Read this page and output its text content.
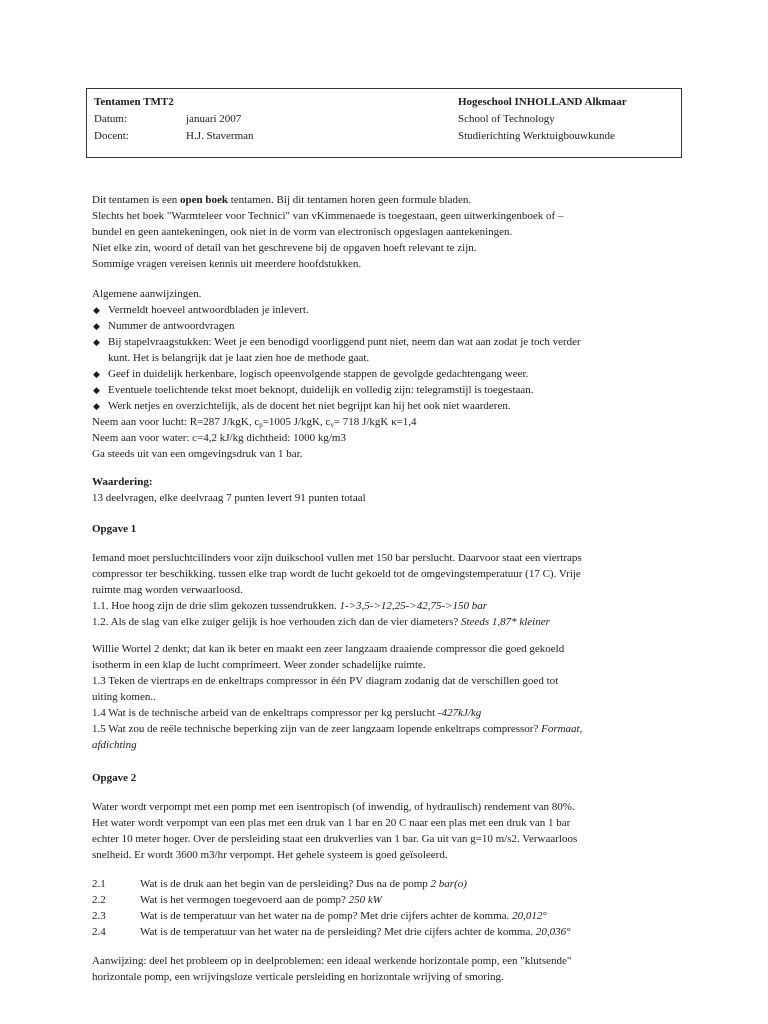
Tentamen TMT2
Datum:	januari 2007
Docent:	H.J. Staverman
Hogeschool INHOLLAND Alkmaar
School of Technology
Studierichting Werktuigbouwkunde
Dit tentamen is een open boek tentamen. Bij dit tentamen horen geen formule bladen.
Slechts het boek "Warmteleer voor Technici" van vKimmenaede is toegestaan, geen uitwerkingenboek of –
bundel en geen aantekeningen, ook niet in de vorm van electronisch opgeslagen aantekeningen.
Niet elke zin, woord of detail van het geschrevene bij de opgaven hoeft relevant te zijn.
Sommige vragen vereisen kennis uit meerdere hoofdstukken.
Algemene aanwijzingen.
◆ Vermeldt hoeveel antwoordbladen je inlevert.
◆ Nummer de antwoordvragen
◆ Bij stapelvraagstukken: Weet je een benodigd voorliggend punt niet, neem dan wat aan zodat je toch verder
kunt. Het is belangrijk dat je laat zien hoe de methode gaat.
◆ Geef in duidelijk herkenbare, logisch opeenvolgende stappen de gevolgde gedachtengang weer.
◆ Eventuele toelichtende tekst moet beknopt, duidelijk en volledig zijn: telegramstijl is toegestaan.
◆ Werk netjes en overzichtelijk, als de docent het niet begrijpt kan hij het ook niet waarderen.
Neem aan voor lucht: R=287 J/kgK, $c_p=1005$ J/kgK, $c_v= 718$ J/kgK κ=1,4
Neem aan voor water: c=4,2 kJ/kg dichtheid: 1000 kg/m3
Ga steeds uit van een omgevingsdruk van 1 bar.
Waardering:
13 deelvragen, elke deelvraag 7 punten levert 91 punten totaal
Opgave 1
Iemand moet persluchtcilinders voor zijn duikschool vullen met 150 bar perslucht. Daarvoor staat een viertraps
compressor ter beschikking. tussen elke trap wordt de lucht gekoeld tot de omgevingstemperatuur (17 C). Vrije
ruimte mag worden verwaarloosd.
1.1. Hoe hoog zijn de drie slim gekozen tussendrukken. 1->3,5->12,25->42,75->150 bar
1.2. Als de slag van elke zuiger gelijk is hoe verhouden zich dan de vier diameters? Steeds 1,87* kleiner
Willie Wortel 2 denkt; dat kan ik beter en maakt een zeer langzaam draaiende compressor die goed gekoeld
isotherm in een klap de lucht comprimeert. Weer zonder schadelijke ruimte.
1.3 Teken de viertraps en de enkeltraps compressor in één PV diagram zodanig dat de verschillen goed tot
uiting komen..
1.4 Wat is de technische arbeid van de enkeltraps compressor per kg perslucht -427kJ/kg
1.5 Wat zou de reële technische beperking zijn van de zeer langzaam lopende enkeltraps compressor? Formaat,
afdichting
Opgave 2
Water wordt verpompt met een pomp met een isentropisch (of inwendig, of hydraulisch) rendement van 80%.
Het water wordt verpompt van een plas met een druk van 1 bar en 20 C naar een plas met een druk van 1 bar
echter 10 meter hoger. Over de persleiding staat een drukverlies van 1 bar. Ga uit van g=10 m/s2. Verwaarloos
snelheid. Er wordt 3600 m3/hr verpompt. Het gehele systeem is goed geïsoleerd.
2.1	Wat is de druk aan het begin van de persleiding? Dus na de pomp 2 bar(o)
2.2	Wat is het vermogen toegevoerd aan de pomp? 250 kW
2.3	Wat is de temperatuur van het water na de pomp? Met drie cijfers achter de komma. 20,012°
2.4	Wat is de temperatuur van het water na de persleiding? Met drie cijfers achter de komma. 20,036°
Aanwijzing: deel het probleem op in deelproblemen: een ideaal werkende horizontale pomp, een "klutsende"
horizontale pomp, een wrijvingsloze verticale persleiding en horizontale wrijving of smoring.
